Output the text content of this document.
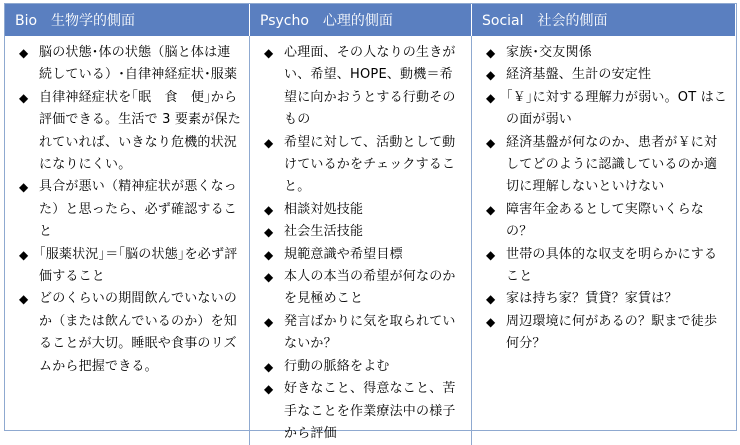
Bio　生物学的側面	Psycho　心理的側面	Social　社会的側面
◆ 脳の状態･体の状態（脳と体は連続している）･自律神経症状･服薬
◆ 自律神経症状を｢眠　食　便｣から評価できる。生活で 3 要素が保たれていれば、いきなり危機的状況になりにくい。
◆ 具合が悪い（精神症状が悪くなった）と思ったら、必ず確認すること
◆ ｢服薬状況｣＝｢脳の状態｣を必ず評価すること
◆ どのくらいの期間飲んでいないのか（または飲んでいるのか）を知ることが大切。睡眠や食事のリズムから把握できる。
◆ 心理面、その人なりの生きがい、希望、HOPE、動機＝希望に向かおうとする行動そのもの
◆ 希望に対して、活動として動けているかをチェックすること。
◆ 相談対処技能
◆ 社会生活技能
◆ 規範意識や希望目標
◆ 本人の本当の希望が何なのかを見極めこと
◆ 発言ばかりに気を取られていないか？
◆ 行動の脈絡をよむ
◆ 好きなこと、得意なこと、苦手なことを作業療法中の様子から評価
◆ 家族･交友関係
◆ 経済基盤、生計の安定性
◆ ｢￥｣に対する理解力が弱い。OT はこの面が弱い
◆ 経済基盤が何なのか、患者が￥に対してどのように認識しているのか適切に理解しないといけない
◆ 障害年金あるとして実際いくらなの？
◆ 世帯の具体的な収支を明らかにすること
◆ 家は持ち家？賃貸？家賃は？
◆ 周辺環境に何があるの？駅まで徒歩何分？
